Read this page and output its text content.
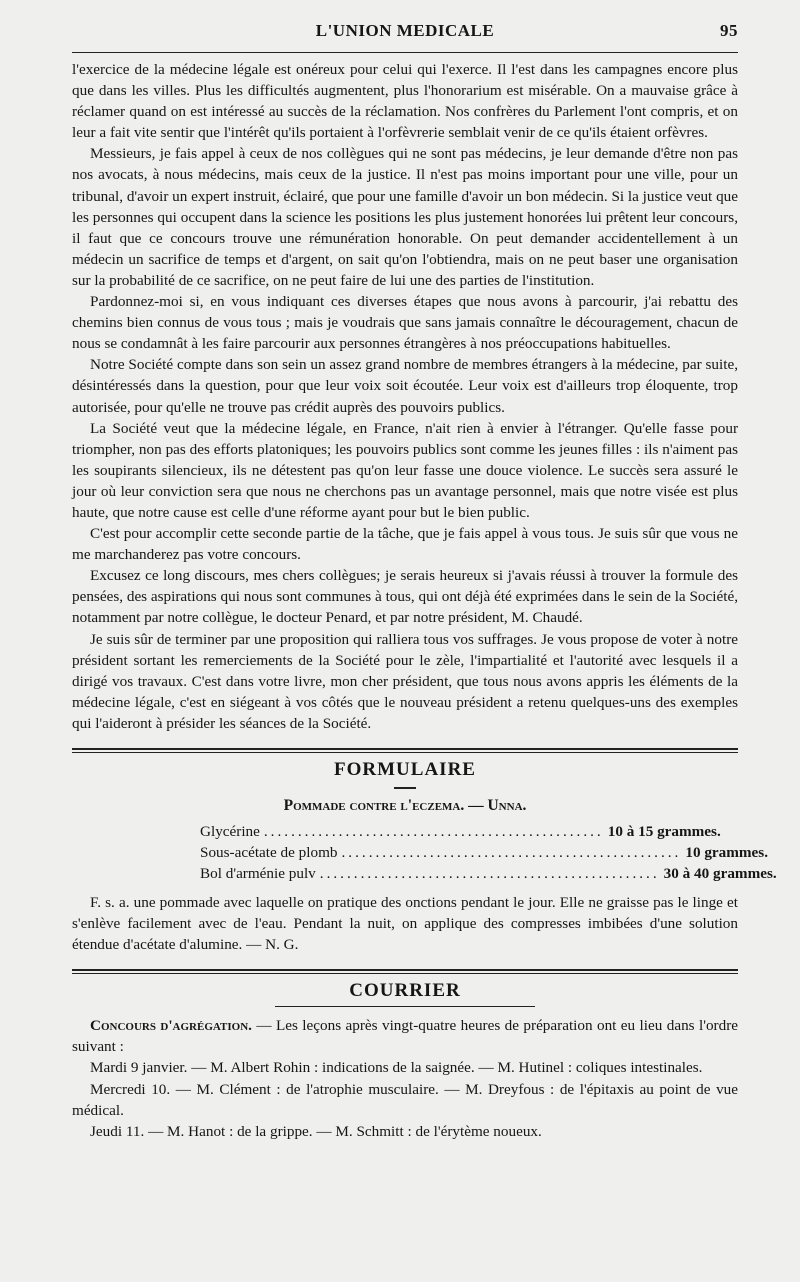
L'UNION MEDICALE	95

l'exercice de la médecine légale est onéreux pour celui qui l'exerce. Il l'est dans les campagnes encore plus que dans les villes. Plus les difficultés augmentent, plus l'honorarium est misérable. On a mauvaise grâce à réclamer quand on est intéressé au succès de la réclamation. Nos confrères du Parlement l'ont compris, et on leur a fait vite sentir que l'intérêt qu'ils portaient à l'orfèvrerie semblait venir de ce qu'ils étaient orfèvres.

Messieurs, je fais appel à ceux de nos collègues qui ne sont pas médecins, je leur demande d'être non pas nos avocats, à nous médecins, mais ceux de la justice. Il n'est pas moins important pour une ville, pour un tribunal, d'avoir un expert instruit, éclairé, que pour une famille d'avoir un bon médecin. Si la justice veut que les personnes qui occupent dans la science les positions les plus justement honorées lui prêtent leur concours, il faut que ce concours trouve une rémunération honorable. On peut demander accidentellement à un médecin un sacrifice de temps et d'argent, on sait qu'on l'obtiendra, mais on ne peut baser une organisation sur la probabilité de ce sacrifice, on ne peut faire de lui une des parties de l'institution.

Pardonnez-moi si, en vous indiquant ces diverses étapes que nous avons à parcourir, j'ai rebattu des chemins bien connus de vous tous ; mais je voudrais que sans jamais connaître le découragement, chacun de nous se condamnât à les faire parcourir aux personnes étrangères à nos préoccupations habituelles.

Notre Société compte dans son sein un assez grand nombre de membres étrangers à la médecine, par suite, désintéressés dans la question, pour que leur voix soit écoutée. Leur voix est d'ailleurs trop éloquente, trop autorisée, pour qu'elle ne trouve pas crédit auprès des pouvoirs publics.

La Société veut que la médecine légale, en France, n'ait rien à envier à l'étranger. Qu'elle fasse pour triompher, non pas des efforts platoniques; les pouvoirs publics sont comme les jeunes filles : ils n'aiment pas les soupirants silencieux, ils ne détestent pas qu'on leur fasse une douce violence. Le succès sera assuré le jour où leur conviction sera que nous ne cherchons pas un avantage personnel, mais que notre visée est plus haute, que notre cause est celle d'une réforme ayant pour but le bien public.

C'est pour accomplir cette seconde partie de la tâche, que je fais appel à vous tous. Je suis sûr que vous ne me marchanderez pas votre concours.

Excusez ce long discours, mes chers collègues; je serais heureux si j'avais réussi à trouver la formule des pensées, des aspirations qui nous sont communes à tous, qui ont déjà été exprimées dans le sein de la Société, notamment par notre collègue, le docteur Penard, et par notre président, M. Chaudé.

Je suis sûr de terminer par une proposition qui ralliera tous vos suffrages. Je vous propose de voter à notre président sortant les remerciements de la Société pour le zèle, l'impartialité et l'autorité avec lesquels il a dirigé vos travaux. C'est dans votre livre, mon cher président, que tous nous avons appris les éléments de la médecine légale, c'est en siégeant à vos côtés que le nouveau président a retenu quelques-uns des exemples qui l'aideront à présider les séances de la Société.

FORMULAIRE
Pommade contre l'eczema. — Unna.
Glycérine .................................................. 10 à 15 grammes.
Sous-acétate de plomb .................................................. 10 grammes.
Bol d'arménie pulv .................................................. 30 à 40 grammes.

F. s. a. une pommade avec laquelle on pratique des onctions pendant le jour. Elle ne graisse pas le linge et s'enlève facilement avec de l'eau. Pendant la nuit, on applique des compresses imbibées d'une solution étendue d'acétate d'alumine. — N. G.

COURRIER

Concours d'agrégation. — Les leçons après vingt-quatre heures de préparation ont eu lieu dans l'ordre suivant :

Mardi 9 janvier. — M. Albert Rohin : indications de la saignée. — M. Hutinel : coliques intestinales.

Mercredi 10. — M. Clément : de l'atrophie musculaire. — M. Dreyfous : de l'épitaxis au point de vue médical.

Jeudi 11. — M. Hanot : de la grippe. — M. Schmitt : de l'érytème noueux.
